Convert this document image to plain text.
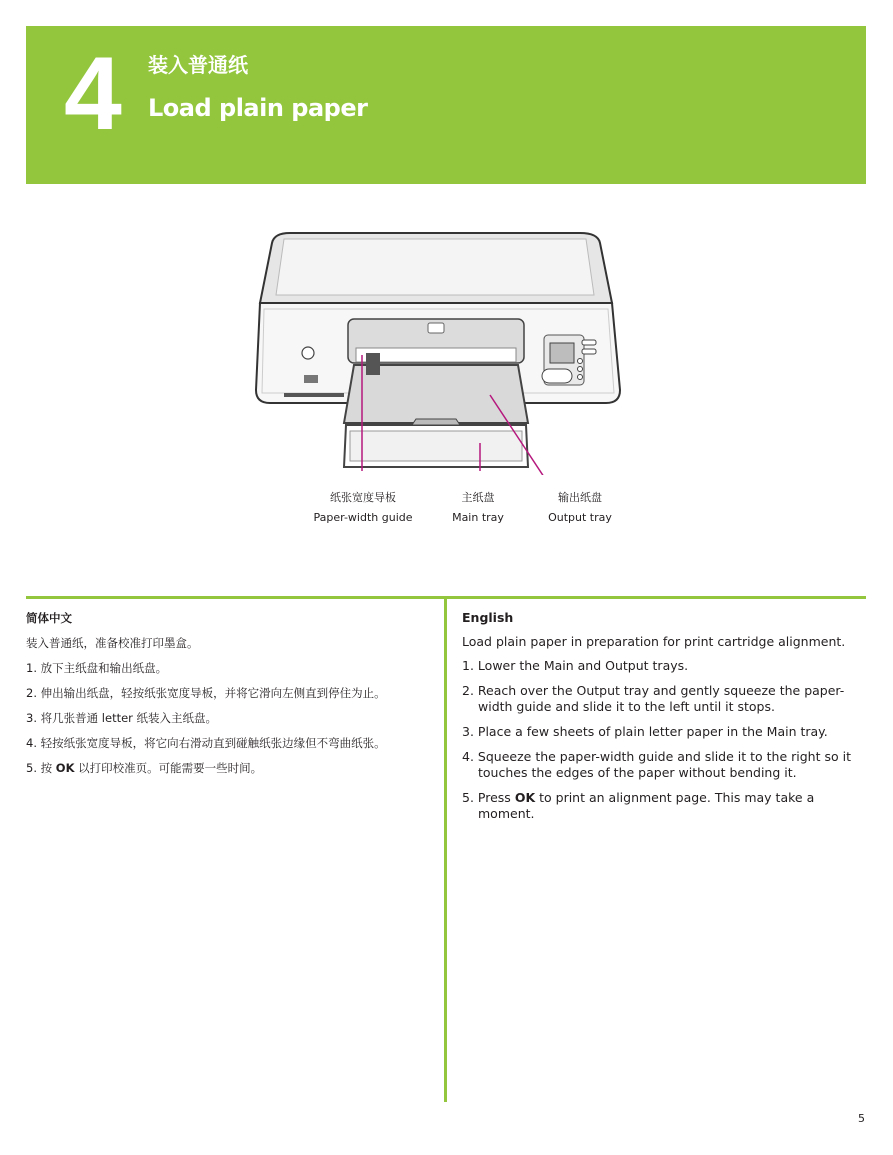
4 装入普通纸
Load plain paper
纸张宽度导板
Paper-width guide
主纸盘
Main tray
输出纸盘
Output tray
简体中文
装入普通纸，准备校准打印墨盒。
1. 放下主纸盘和输出纸盘。
2. 伸出输出纸盘，轻按纸张宽度导板，并将它滑向左侧直到停住为止。
3. 将几张普通 letter 纸装入主纸盘。
4. 轻按纸张宽度导板，将它向右滑动直到碰触纸张边缘但不弯曲纸张。
5. 按 OK 以打印校准页。可能需要一些时间。
English
Load plain paper in preparation for print cartridge alignment.
1. Lower the Main and Output trays.
2. Reach over the Output tray and gently squeeze the paper-width guide and slide it to the left until it stops.
3. Place a few sheets of plain letter paper in the Main tray.
4. Squeeze the paper-width guide and slide it to the right so it touches the edges of the paper without bending it.
5. Press OK to print an alignment page. This may take a moment.
5
